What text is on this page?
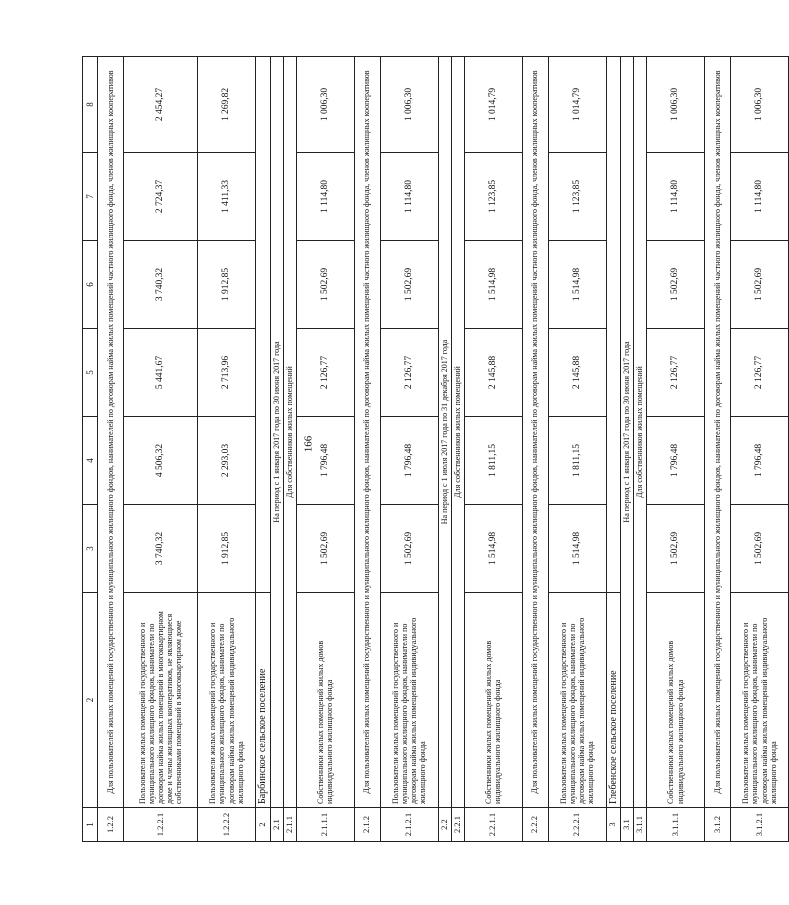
166
1	2	3	4	5	6	7	8
1.2.2	Для пользователей жилых помещений государственного и муниципального жилищного фондов, нанимателей по договорам найма жилых помещений частного жилищного фонда, членов жилищных кооперативов						
1.2.2.1	Пользователи жилых помещений государственного и муниципального жилищного фондов, наниматели по договорам найма жилых помещений в многоквартирном доме и члены жилищных кооперативов, не являющиеся собственниками помещений в многоквартирном доме	3 740,32	4 506,32	5 441,67	3 740,32	2 724,37	2 454,27
1.2.2.2	Пользователи жилых помещений государственного и муниципального жилищного фондов, наниматели по договорам найма жилых помещений индивидуального жилищного фонда	1 912,85	2 293,03	2 713,96	1 912,85	1 411,33	1 269,82
2	Барбинское сельское поселение						
2.1	На период с 1 января 2017 года по 30 июня 2017 года						
2.1.1	Для собственников жилых помещений						
2.1.1.1	Собственники жилых помещений жилых домов индивидуального жилищного фонда	1 502,69	1 796,48	2 126,77	1 502,69	1 114,80	1 006,30
2.1.2	Для пользователей жилых помещений государственного и муниципального жилищного фондов, нанимателей по договорам найма жилых помещений частного жилищного фонда, членов жилищных кооперативов						
2.1.2.1	Пользователи жилых помещений государственного и муниципального жилищного фондов, наниматели по договорам найма жилых помещений индивидуального жилищного фонда	1 502,69	1 796,48	2 126,77	1 502,69	1 114,80	1 006,30
2.2	На период с 1 июля 2017 года по 31 декабря 2017 года						
2.2.1	Для собственников жилых помещений						
2.2.1.1	Собственники жилых помещений жилых домов индивидуального жилищного фонда	1 514,98	1 811,15	2 145,88	1 514,98	1 123,85	1 014,79
2.2.2	Для пользователей жилых помещений государственного и муниципального жилищного фондов, нанимателей по договорам найма жилых помещений частного жилищного фонда, членов жилищных кооперативов						
2.2.2.1	Пользователи жилых помещений государственного и муниципального жилищного фондов, наниматели по договорам найма жилых помещений индивидуального жилищного фонда	1 514,98	1 811,15	2 145,88	1 514,98	1 123,85	1 014,79
3	Глебенское сельское поселение						
3.1	На период с 1 января 2017 года по 30 июня 2017 года						
3.1.1	Для собственников жилых помещений						
3.1.1.1	Собственники жилых помещений жилых домов индивидуального жилищного фонда	1 502,69	1 796,48	2 126,77	1 502,69	1 114,80	1 006,30
3.1.2	Для пользователей жилых помещений государственного и муниципального жилищного фондов, нанимателей по договорам найма жилых помещений частного жилищного фонда, членов жилищных кооперативов						
3.1.2.1	Пользователи жилых помещений государственного и муниципального жилищного фондов, наниматели по договорам найма жилых помещений индивидуального жилищного фонда	1 502,69	1 796,48	2 126,77	1 502,69	1 114,80	1 006,30
